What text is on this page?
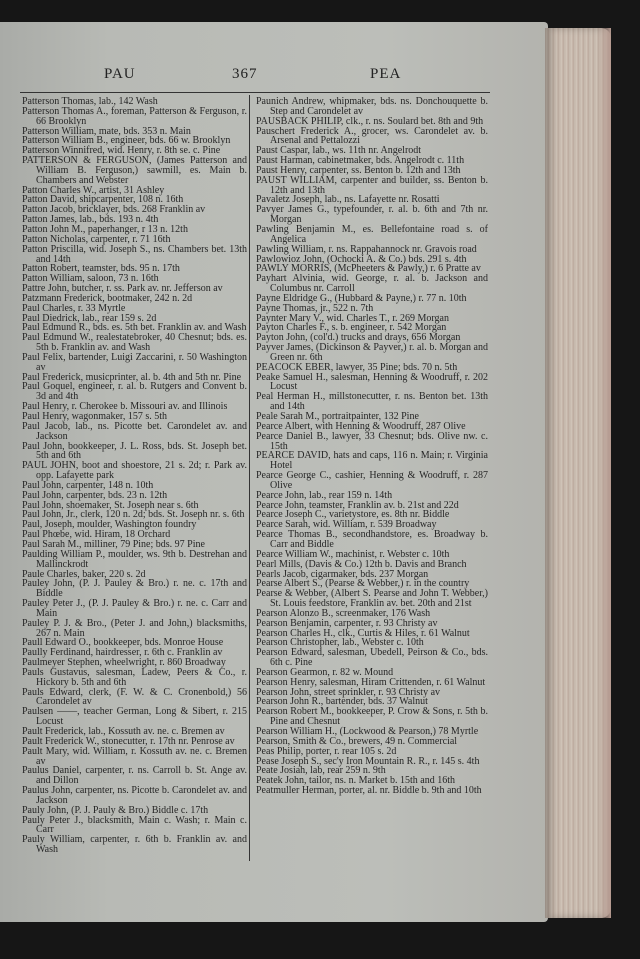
PAU	367	PEA
Patterson Thomas, lab., 142 Wash
Patterson Thomas A., foreman, Patterson & Ferguson, r. 66 Brooklyn
Patterson William, mate, bds. 353 n. Main
Patterson William B., engineer, bds. 66 w. Brooklyn
Patterson Winnifred, wid. Henry, r. 8th se. c. Pine
PATTERSON & FERGUSON, (James Patterson and William B. Ferguson,) sawmill, es. Main b. Chambers and Webster
Patton Charles W., artist, 31 Ashley
Patton David, shipcarpenter, 108 n. 16th
Patton Jacob, bricklayer, bds. 268 Franklin av
Patton James, lab., bds. 193 n. 4th
Patton John M., paperhanger, r 13 n. 12th
Patton Nicholas, carpenter, r. 71 16th
Patton Priscilla, wid. Joseph S., ns. Chambers bet. 13th and 14th
Patton Robert, teamster, bds. 95 n. 17th
Patton William, saloon, 73 n. 16th
Pattre John, butcher, r. ss. Park av. nr. Jefferson av
Patzmann Frederick, bootmaker, 242 n. 2d
Paul Charles, r. 33 Myrtle
Paul Diedrick, lab., rear 159 s. 2d
Paul Edmund R., bds. es. 5th bet. Franklin av. and Wash
Paul Edmund W., realestatebroker, 40 Chesnut; bds. es. 5th b. Franklin av. and Wash
Paul Felix, bartender, Luigi Zaccarini, r. 50 Washington av
Paul Frederick, musicprinter, al. b. 4th and 5th nr. Pine
Paul Goquel, engineer, r. al. b. Rutgers and Convent b. 3d and 4th
Paul Henry, r. Cherokee b. Missouri av. and Illinois
Paul Henry, wagonmaker, 157 s. 5th
Paul Jacob, lab., ns. Picotte bet. Carondelet av. and Jackson
Paul John, bookkeeper, J. L. Ross, bds. St. Joseph bet. 5th and 6th
PAUL JOHN, boot and shoestore, 21 s. 2d; r. Park av. opp. Lafayette park
Paul John, carpenter, 148 n. 10th
Paul John, carpenter, bds. 23 n. 12th
Paul John, shoemaker, St. Joseph near s. 6th
Paul John, Jr., clerk, 120 n. 2d; bds. St. Joseph nr. s. 6th
Paul, Joseph, moulder, Washington foundry
Paul Phœbe, wid. Hiram, 18 Orchard
Paul Sarah M., milliner, 79 Pine; bds. 97 Pine
Paulding William P., moulder, ws. 9th b. Destrehan and Mallinckrodt
Paule Charles, baker, 220 s. 2d
Pauley John, (P. J. Pauley & Bro.) r. ne. c. 17th and Biddle
Pauley Peter J., (P. J. Pauley & Bro.) r. ne. c. Carr and Main
Pauley P. J. & Bro., (Peter J. and John,) blacksmiths, 267 n. Main
Paull Edward O., bookkeeper, bds. Monroe House
Paully Ferdinand, hairdresser, r. 6th c. Franklin av
Paulmeyer Stephen, wheelwright, r. 860 Broadway
Pauls Gustavus, salesman, Ladew, Peers & Co., r. Hickory b. 5th and 6th
Pauls Edward, clerk, (F. W. & C. Cronenbold,) 56 Carondelet av
Paulsen ——, teacher German, Long & Sibert, r. 215 Locust
Pault Frederick, lab., Kossuth av. ne. c. Bremen av
Pault Frederick W., stonecutter, r. 17th nr. Penrose av
Pault Mary, wid. William, r. Kossuth av. ne. c. Bremen av
Paulus Daniel, carpenter, r. ns. Carroll b. St. Ange av. and Dillon
Paulus John, carpenter, ns. Picotte b. Carondelet av. and Jackson
Pauly John, (P. J. Pauly & Bro.) Biddle c. 17th
Pauly Peter J., blacksmith, Main c. Wash; r. Main c. Carr
Pauly William, carpenter, r. 6th b. Franklin av. and Wash
Paunich Andrew, whipmaker, bds. ns. Donchouquette b. Step and Carondelet av
PAUSBACK PHILIP, clk., r. ns. Soulard bet. 8th and 9th
Pauschert Frederick A., grocer, ws. Carondelet av. b. Arsenal and Pettalozzi
Paust Caspar, lab., ws. 11th nr. Angelrodt
Paust Harman, cabinetmaker, bds. Angelrodt c. 11th
Paust Henry, carpenter, ss. Benton b. 12th and 13th
PAUST WILLIAM, carpenter and builder, ss. Benton b. 12th and 13th
Pavaletz Joseph, lab., ns. Lafayette nr. Rosatti
Pavyer James G., typefounder, r. al. b. 6th and 7th nr. Morgan
Pawling Benjamin M., es. Bellefontaine road s. of Angelica
Pawling William, r. ns. Rappahannock nr. Gravois road
Pawlowioz John, (Ochocki A. & Co.) bds. 291 s. 4th
PAWLY MORRIS, (McPheeters & Pawly,) r. 6 Pratte av
Payhart Alvinia, wid. George, r. al. b. Jackson and Columbus nr. Carroll
Payne Eldridge G., (Hubbard & Payne,) r. 77 n. 10th
Payne Thomas, jr., 522 n. 7th
Paynter Mary V., wid. Charles T., r. 269 Morgan
Payton Charles F., s. b. engineer, r. 542 Morgan
Payton John, (col'd.) trucks and drays, 656 Morgan
Payver James, (Dickinson & Payver,) r. al. b. Morgan and Green nr. 6th
PEACOCK EBER, lawyer, 35 Pine; bds. 70 n. 5th
Peake Samuel H., salesman, Henning & Woodruff, r. 202 Locust
Peal Herman H., millstonecutter, r. ns. Benton bet. 13th and 14th
Peale Sarah M., portraitpainter, 132 Pine
Pearce Albert, with Henning & Woodruff, 287 Olive
Pearce Daniel B., lawyer, 33 Chesnut; bds. Olive nw. c. 15th
PEARCE DAVID, hats and caps, 116 n. Main; r. Virginia Hotel
Pearce George C., cashier, Henning & Woodruff, r. 287 Olive
Pearce John, lab., rear 159 n. 14th
Pearce John, teamster, Franklin av. b. 21st and 22d
Pearce Joseph C., varietystore, es. 8th nr. Biddle
Pearce Sarah, wid. William, r. 539 Broadway
Pearce Thomas B., secondhandstore, es. Broadway b. Carr and Biddle
Pearce William W., machinist, r. Webster c. 10th
Pearl Mills, (Davis & Co.) 12th b. Davis and Branch
Pearls Jacob, cigarmaker, bds. 237 Morgan
Pearse Albert S., (Pearse & Webber,) r. in the country
Pearse & Webber, (Albert S. Pearse and John T. Webber,) St. Louis feedstore, Franklin av. bet. 20th and 21st
Pearson Alonzo B., screenmaker, 176 Wash
Pearson Benjamin, carpenter, r. 93 Christy av
Pearson Charles H., clk., Curtis & Hiles, r. 61 Walnut
Pearson Christopher, lab., Webster c. 10th
Pearson Edward, salesman, Ubedell, Peirson & Co., bds. 6th c. Pine
Pearson Gearmon, r. 82 w. Mound
Pearson Henry, salesman, Hiram Crittenden, r. 61 Walnut
Pearson John, street sprinkler, r. 93 Christy av
Pearson John R., bartender, bds. 37 Walnut
Pearson Robert M., bookkeeper, P. Crow & Sons, r. 5th b. Pine and Chesnut
Pearson William H., (Lockwood & Pearson,) 78 Myrtle
Pearson, Smith & Co., brewers, 49 n. Commercial
Peas Philip, porter, r. rear 105 s. 2d
Pease Joseph S., sec'y Iron Mountain R. R., r. 145 s. 4th
Peate Josiah, lab, rear 259 n. 9th
Peatek John, tailor, ns. n. Market b. 15th and 16th
Peatmuller Herman, porter, al. nr. Biddle b. 9th and 10th
